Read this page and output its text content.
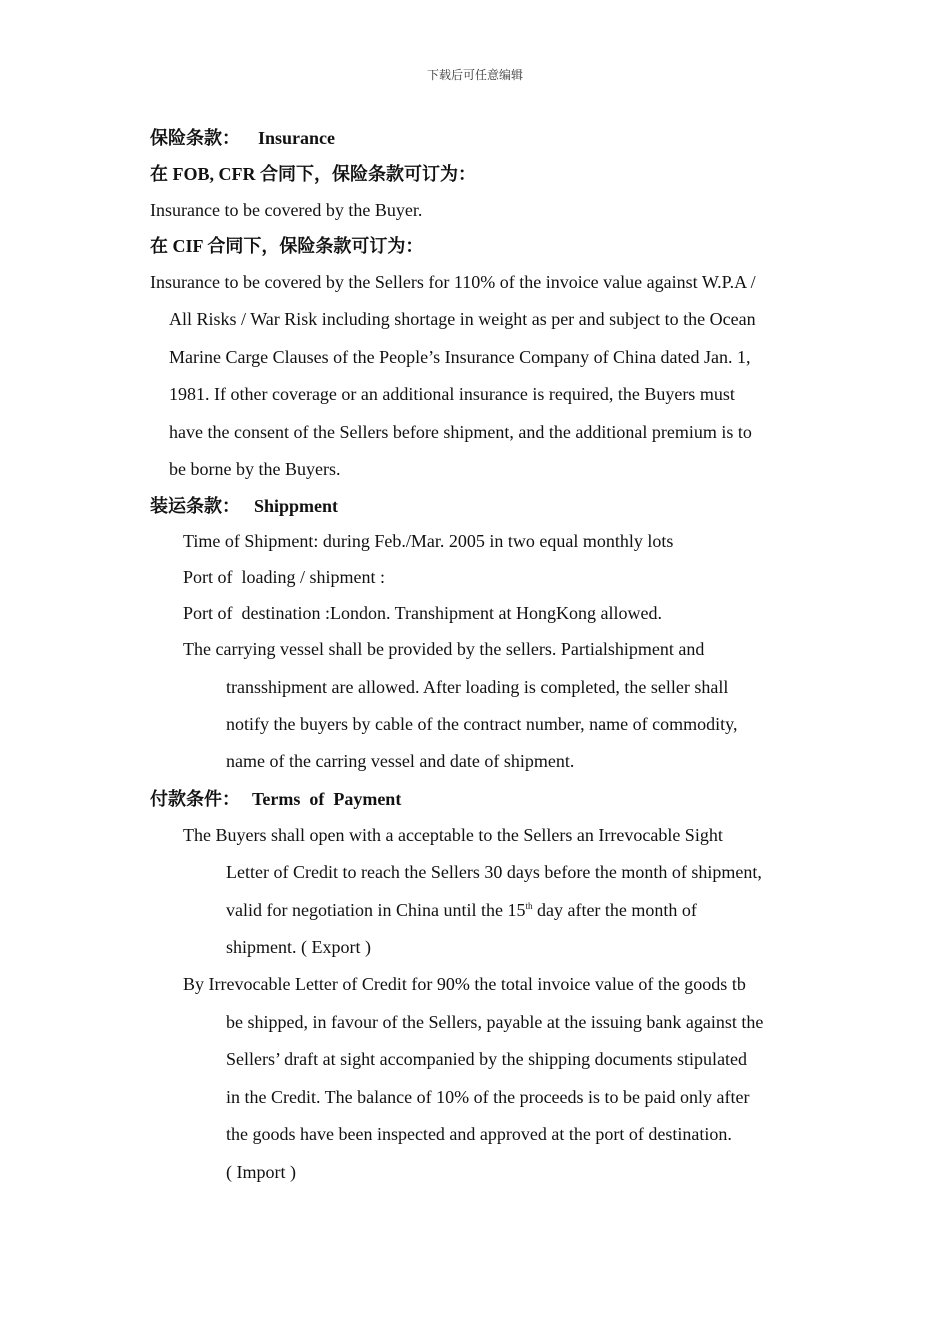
下载后可任意编辑
保险条款： Insurance
在 FOB, CFR 合同下，保险条款可订为：
Insurance to be covered by the Buyer.
在 CIF 合同下，保险条款可订为：
Insurance to be covered by the Sellers for 110% of the invoice value against W.P.A /
All Risks / War Risk including shortage in weight as per and subject to the Ocean
Marine Carge Clauses of the People’s Insurance Company of China dated Jan. 1,
1981. If other coverage or an additional insurance is required, the Buyers must
have the consent of the Sellers before shipment, and the additional premium is to
be borne by the Buyers.
装运条款： Shippment
Time of Shipment: during Feb./Mar. 2005 in two equal monthly lots
Port of  loading / shipment :
Port of  destination :London. Transhipment at HongKong allowed.
The carrying vessel shall be provided by the sellers. Partialshipment and
transshipment are allowed. After loading is completed, the seller shall
notify the buyers by cable of the contract number, name of commodity,
name of the carring vessel and date of shipment.
付款条件： Terms  of  Payment
The Buyers shall open with a acceptable to the Sellers an Irrevocable Sight
Letter of Credit to reach the Sellers 30 days before the month of shipment,
valid for negotiation in China until the 15th day after the month of
shipment. ( Export )
By Irrevocable Letter of Credit for 90% the total invoice value of the goods tb
be shipped, in favour of the Sellers, payable at the issuing bank against the
Sellers’ draft at sight accompanied by the shipping documents stipulated
in the Credit. The balance of 10% of the proceeds is to be paid only after
the goods have been inspected and approved at the port of destination.
( Import )
